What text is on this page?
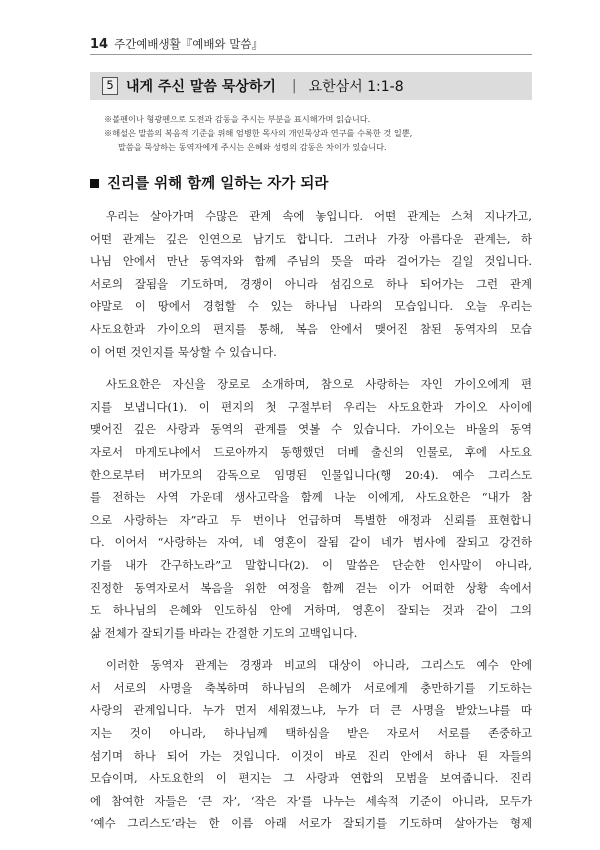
14 주간예배생활『예배와 말씀』
5 내게 주신 말씀 묵상하기 | 요한삼서 1:1-8
※볼펜이나 형광펜으로 도전과 감동을 주시는 부분을 표시해가며 읽습니다.
※해설은 말씀의 복음적 기준을 위해 엄병한 목사의 개인묵상과 연구를 수록한 것 일뿐,
말씀을 묵상하는 동역자에게 주시는 은혜와 성령의 감동은 차이가 있습니다.
진리를 위해 함께 일하는 자가 되라
우리는 살아가며 수많은 관계 속에 놓입니다. 어떤 관계는 스쳐 지나가고,
어떤 관계는 깊은 인연으로 남기도 합니다. 그러나 가장 아름다운 관계는, 하
나님 안에서 만난 동역자와 함께 주님의 뜻을 따라 걸어가는 길일 것입니다.
서로의 잘됨을 기도하며, 경쟁이 아니라 섬김으로 하나 되어가는 그런 관계
야말로 이 땅에서 경험할 수 있는 하나님 나라의 모습입니다. 오늘 우리는
사도요한과 가이오의 편지를 통해, 복음 안에서 맺어진 참된 동역자의 모습
이 어떤 것인지를 묵상할 수 있습니다.
사도요한은 자신을 장로로 소개하며, 참으로 사랑하는 자인 가이오에게 편
지를 보냅니다(1). 이 편지의 첫 구절부터 우리는 사도요한과 가이오 사이에
맺어진 깊은 사랑과 동역의 관계를 엿볼 수 있습니다. 가이오는 바울의 동역
자로서 마게도냐에서 드로아까지 동행했던 더베 출신의 인물로, 후에 사도요
한으로부터 버가모의 감독으로 임명된 인물입니다(행 20:4). 예수 그리스도
를 전하는 사역 가운데 생사고락을 함께 나눈 이에게, 사도요한은 “내가 참
으로 사랑하는 자”라고 두 번이나 언급하며 특별한 애정과 신뢰를 표현합니
다. 이어서 “사랑하는 자여, 네 영혼이 잘됨 같이 네가 범사에 잘되고 강건하
기를 내가 간구하노라”고 말합니다(2). 이 말씀은 단순한 인사말이 아니라,
진정한 동역자로서 복음을 위한 여정을 함께 걷는 이가 어떠한 상황 속에서
도 하나님의 은혜와 인도하심 안에 거하며, 영혼이 잘되는 것과 같이 그의
삶 전체가 잘되기를 바라는 간절한 기도의 고백입니다.
이러한 동역자 관계는 경쟁과 비교의 대상이 아니라, 그리스도 예수 안에
서 서로의 사명을 축복하며 하나님의 은혜가 서로에게 충만하기를 기도하는
사랑의 관계입니다. 누가 먼저 세워졌느냐, 누가 더 큰 사명을 받았느냐를 따
지는 것이 아니라, 하나님께 택하심을 받은 자로서 서로를 존중하고
섬기며 하나 되어 가는 것입니다. 이것이 바로 진리 안에서 하나 된 자들의
모습이며, 사도요한의 이 편지는 그 사랑과 연합의 모범을 보여줍니다. 진리
에 참여한 자들은 ‘큰 자’, ‘작은 자’를 나누는 세속적 기준이 아니라, 모두가
‘예수 그리스도’라는 한 이름 아래 서로가 잘되기를 기도하며 살아가는 형제
